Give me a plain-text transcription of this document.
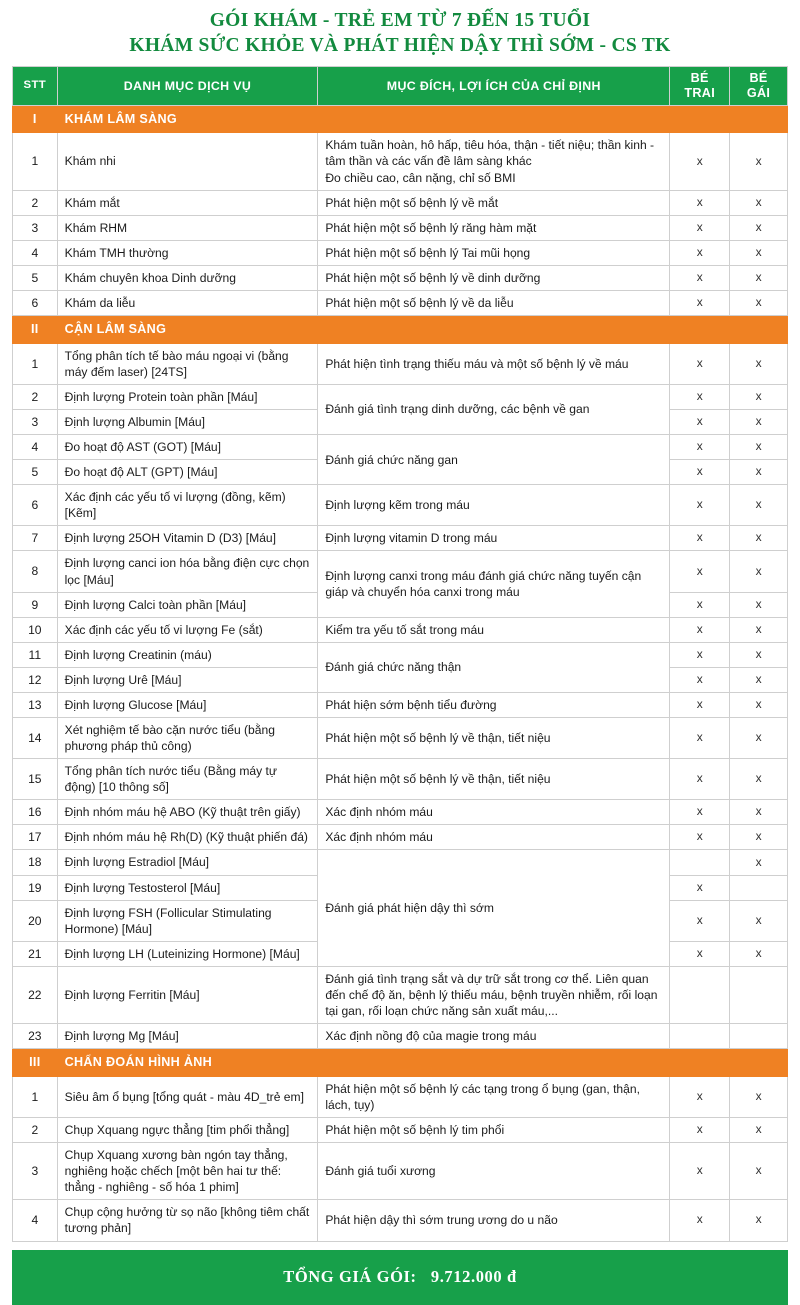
GÓI KHÁM - TRẺ EM TỪ 7 ĐẾN 15 TUỔI
KHÁM SỨC KHỎE VÀ PHÁT HIỆN DẬY THÌ SỚM - CS TK
STT	DANH MỤC DỊCH VỤ	MỤC ĐÍCH, LỢI ÍCH CỦA CHỈ ĐỊNH	BÉ
TRAI	BÉ
GÁI
I	KHÁM LÂM SÀNG			
1	Khám nhi	Khám tuần hoàn, hô hấp, tiêu hóa, thận - tiết niệu; thần kinh - tâm thần và các vấn đề lâm sàng khác
Đo chiều cao, cân nặng, chỉ số BMI	x	x
2	Khám mắt	Phát hiện một số bệnh lý về mắt	x	x
3	Khám RHM	Phát hiện một số bệnh lý răng hàm mặt	x	x
4	Khám TMH thường	Phát hiện một số bệnh lý Tai mũi họng	x	x
5	Khám chuyên khoa Dinh dưỡng	Phát hiện một số bệnh lý về dinh dưỡng	x	x
6	Khám da liễu	Phát hiện một số bệnh lý về da liễu	x	x
II	CẬN LÂM SÀNG			
1	Tổng phân tích tế bào máu ngoại vi (bằng máy đếm laser) [24TS]	Phát hiện tình trạng thiếu máu và một số bệnh lý về máu	x	x
2	Định lượng Protein toàn phần [Máu]	Đánh giá tình trạng dinh dưỡng, các bệnh về gan	x	x
3	Định lượng Albumin [Máu]		x	x
4	Đo hoạt độ AST (GOT) [Máu]	Đánh giá chức năng gan	x	x
5	Đo hoạt độ ALT (GPT) [Máu]		x	x
6	Xác định các yếu tố vi lượng (đồng, kẽm) [Kẽm]	Định lượng kẽm trong máu	x	x
7	Định lượng 25OH Vitamin D (D3) [Máu]	Định lượng vitamin D trong máu	x	x
8	Định lượng canci ion hóa bằng điện cực chọn lọc [Máu]	Định lượng canxi trong máu đánh giá chức năng tuyến cận giáp và chuyển hóa canxi trong máu	x	x
9	Định lượng Calci toàn phần [Máu]		x	x
10	Xác định các yếu tố vi lượng Fe (sắt)	Kiểm tra yếu tố sắt trong máu	x	x
11	Định lượng Creatinin (máu)	Đánh giá chức năng thận	x	x
12	Định lượng Urê [Máu]		x	x
13	Định lượng Glucose [Máu]	Phát hiện sớm bệnh tiểu đường	x	x
14	Xét nghiệm tế bào cặn nước tiểu (bằng phương pháp thủ công)	Phát hiện một số bệnh lý về thận, tiết niệu	x	x
15	Tổng phân tích nước tiểu (Bằng máy tự động) [10 thông số]	Phát hiện một số bệnh lý về thận, tiết niệu	x	x
16	Định nhóm máu hệ ABO (Kỹ thuật trên giấy)	Xác định nhóm máu	x	x
17	Định nhóm máu hệ Rh(D) (Kỹ thuật phiến đá)	Xác định nhóm máu	x	x
18	Định lượng Estradiol [Máu]	Đánh giá phát hiện dậy thì sớm		x
19	Định lượng Testosterol [Máu]		x	
20	Định lượng FSH (Follicular Stimulating Hormone) [Máu]		x	x
21	Định lượng LH (Luteinizing Hormone) [Máu]		x	x
22	Định lượng Ferritin [Máu]	Đánh giá tình trạng sắt và dự trữ sắt trong cơ thể. Liên quan đến chế độ ăn, bệnh lý thiếu máu, bệnh truyền nhiễm, rối loạn tại gan, rối loạn chức năng sản xuất máu,...		
23	Định lượng Mg [Máu]	Xác định nồng độ của magie trong máu		
III	CHẨN ĐOÁN HÌNH ẢNH			
1	Siêu âm ổ bụng [tổng quát - màu 4D_trẻ em]	Phát hiện một số bệnh lý các tạng trong ổ bụng (gan, thận, lách, tụy)	x	x
2	Chụp Xquang ngực thẳng [tim phổi thẳng]	Phát hiện một số bệnh lý tim phổi	x	x
3	Chụp Xquang xương bàn ngón tay thẳng, nghiêng hoặc chếch [một bên hai tư thế: thẳng - nghiêng - số hóa 1 phim]	Đánh giá tuổi xương	x	x
4	Chụp cộng hưởng từ sọ não [không tiêm chất tương phản]	Phát hiện dậy thì sớm trung ương do u não	x	x
TỔNG GIÁ GÓI: 9.712.000 đ
